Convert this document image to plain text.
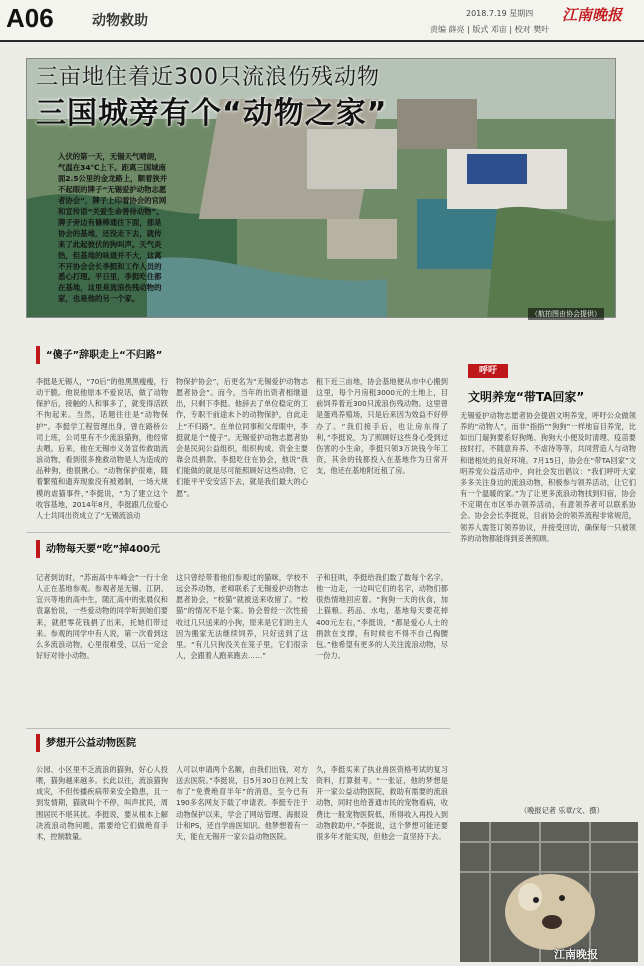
A06	动物救助	2018.7.19 星期四
责编 薛亮 | 版式 邓宙 | 校对 樊叶
江南晚报
三亩地住着近300只流浪伤残动物
三国城旁有个“动物之家”
入伏的第一天，无锡天气晴朗，气温在34℃上下。距离三国城南面2.5公里的金龙路上，顺着狭并不起眼的牌子“无锡爱护动物志愿者协会”，牌子上印着协会的官网和宣传语“关爱生命善待动物”。牌子旁边有條棒通往下面，那是协会的基地，还没走下去，就传来了此起彼伏的狗叫声。天气炎热，但基地的味道并不大，这离不开协会会长李挺和工作人员的悉心打理。平日里，李挺吃住都在基地，这里是流浪伤残动物的家，也是他的另一个家。
（航拍图由协会提供）
“傻子”辞职走上“不归路”
李挺是无锡人，“70后”的他黑黑瘦瘦，行动干脆。他说他原本不爱说话，做了动物保护后，接触的人和事多了，就变得活跃不拘起来。当然，话题往往是“动物保护”。李挺学工程管理出身，曾在路桥公司上班，公司里有不少流浪猫狗，他经常去喂。后来，他在无锡市义务宣传救助流浪动物，看到很多挽救动物是人为造成的品种狗，他很揪心。“动物保护很难，随着繁殖和遗弃现象没有被遏制，一场大规模的虐猫事件，”李挺说，“为了建立这个收容基地，2014年8月，李挺跟几位爱心人士共同出资成立了“无锡流浪动
物保护协会”，后更名为“无锡爱护动物志愿者协会”。而今，当年的出资者相继退出，只剩下李挺。他辞去了单位稳定的工作，专职干前途未卜的动物保护，自此走上“不归路”。在单位同事和父母眼中，李挺就是个“傻子”。无锡爱护动物志愿者协会是民间公益组织，组织构成、资金主要靠会员捐款。李挺吃住在协会，他说“我们能做的就是尽可能照顾好这些动物，它们能平平安安活下去，就是我们最大的心愿”。
租下近三亩地，协会基地便从市中心搬到这里，每个月房租3000元的土地上，目前饲养着近300只流浪伤残动物。这里曾是蛋鸡养殖场，只是后来因为效益不好停办了。“我们接手后，也让房东得了利，”李挺说，为了照顾好这些身心受到过伤害的小生命，李挺只领3万块钱今年工资，其余的钱都投入在基地作为日常开支，他还在基地附近租了房。
动物每天要“吃”掉400元
记者到访时，“苏南高中车峰会”一行十余人正在基地参观。参观者是无锡、江阴、宜兴等地的高中生，随汇高中的张晨仪和袁嘉怡说，一些爱动物的同学听到她们要来，就把零花钱捐了出来，托她们带过来。参观的同学中有人说，第一次看到这么多流浪动物，心里很难受，以后一定会好好对待小动物。
这只曾经带着他们参观过的猫咪，学校不远会养动物，老师联系了无锡爱护动物志愿者协会，“校猫”就被送来收留了。“校猫”的情况不是个案。协会曾经一次性接收过几只送来的小狗，原来是它们的主人因为搬家无法继续饲养，只好送到了这里。“有儿只狗没关在笼子里，它们很亲人，会跟着人跑来跑去……”
子和狂哄，李挺给我们数了数每个名字，他一边走，一边叫它们的名字，动物们都很热情地回应着。“狗狗一天的伙食，加上猫粮、药品、水电，基地每天要花掉400元左右，”李挺说，“都是爱心人士的捐款在支撑，有时候也不得不自己掏腰包。”他希望有更多的人关注流浪动物，尽一份力。
梦想开公益动物医院
公园、小区里不乏流浪的猫狗，好心人投喂，猫狗越来越多。长此以往，流浪猫狗成灾，不但传播疾病带来安全隐患，且一到发情期，猫就叫个不停，叫声扰民，周围居民不堪其扰。李挺说，要从根本上解决流浪动物问题，需要给它们做绝育手术，控制数量。
人可以申请两个名额，由我们出钱，对方送去医院。”李挺说，日5月30日在网上发布了“免费绝育半年”的消息，至今已有190多名网友下载了申请表。李挺专注于动物保护以来，学会了网站管理、海报设计和PS，还自学兽医知识。他梦想着有一天，能在无锡开一家公益动物医院。
久，李挺买来了执业兽医资格考试的复习资料，打算报考。“一张证，他的梦想是开一家公益动物医院，救助有需要的流浪动物，同时也给普通市民的宠物看病，收费比一般宠物医院低，所得收入再投入到动物救助中。”李挺说，这个梦想可能还要很多年才能实现，但他会一直坚持下去。
呼吁
文明养宠“带TA回家”
无锡爱护动物志愿者协会提倡文明养宠，呼吁公众做领养的“动物人”，而非“指指”“狗狗”一样地盲目养宠，比如出门遛狗要系好狗绳、狗狗大小便及时清理、疫苗要按时打，不随意弃养、不虐待等等，共同营造人与动物和谐相处的良好环境。7月15日，协会在“带TA回家”文明养宠公益活动中，向社会发出倡议：“我们呼吁大家多多关注身边的流浪动物，积极参与领养活动，让它们有一个温暖的家。”为了让更多流浪动物找到归宿，协会不定期在市区举办领养活动，有意领养者可以联系协会。协会会长李挺说，目前协会的领养流程非常规范，领养人需签订领养协议，并接受回访，确保每一只被领养的动物都能得到妥善照顾。
（晚报记者 乐章/文、摄）
江南晚报
